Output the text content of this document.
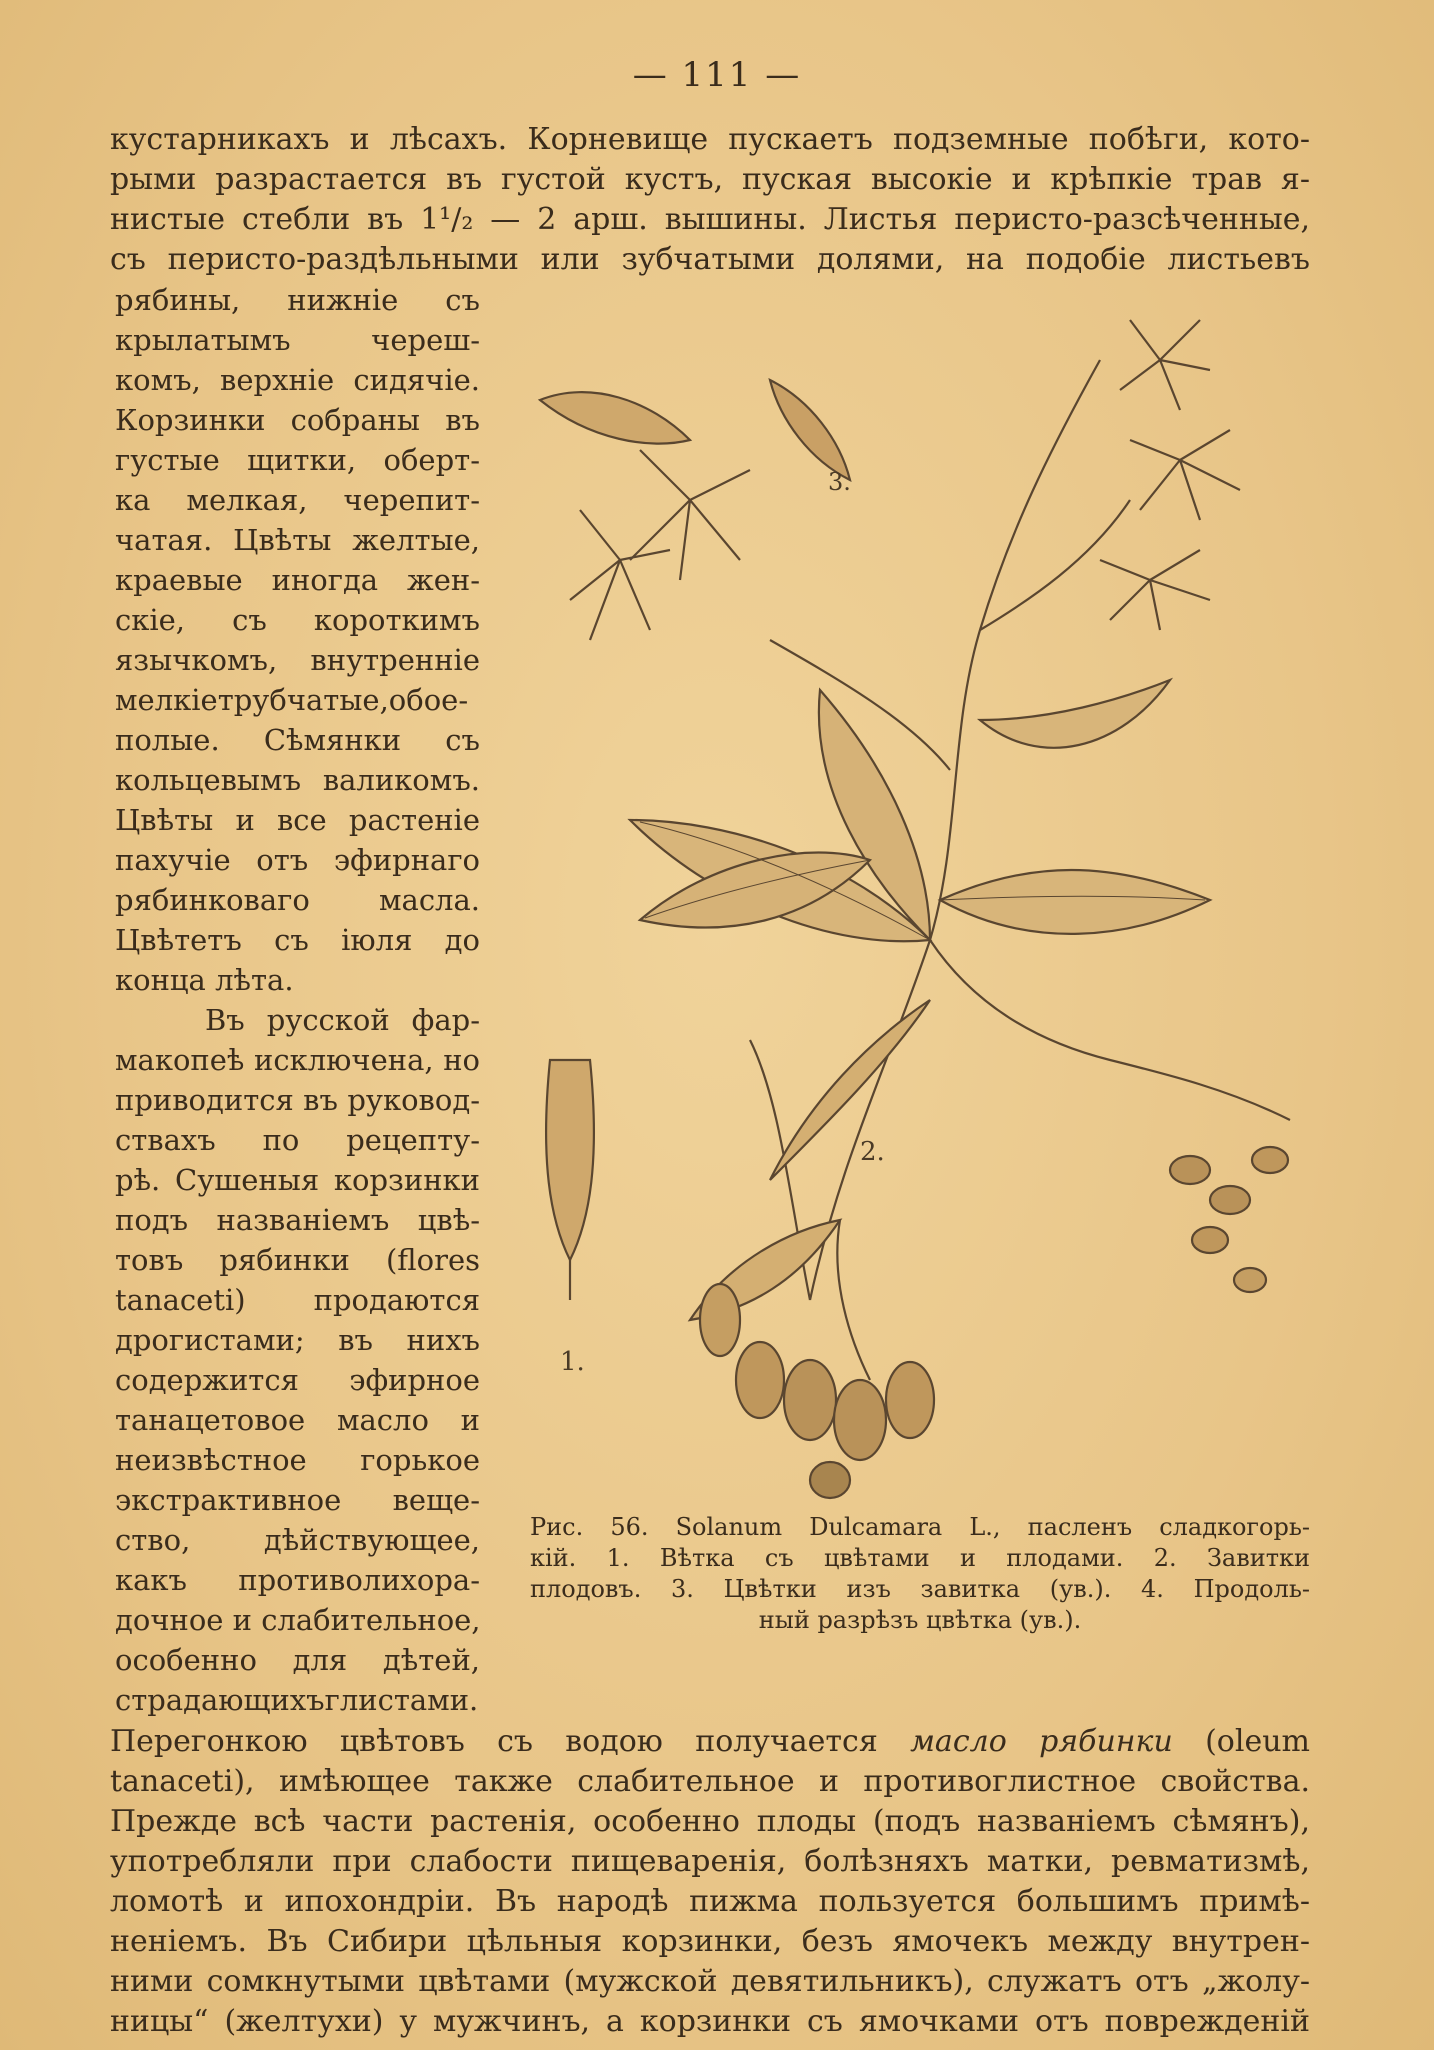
— 111 —
кустарникахъ и лѣсахъ. Корневище пускаетъ подземные побѣги, кото-
рыми разрастается въ густой кустъ, пуская высокіе и крѣпкіе трав я-
нистые стебли въ 1¹/₂ — 2 арш. вышины. Листья перисто-разсѣченные,
съ перисто-раздѣльными или зубчатыми долями, на подобіе листьевъ
рябины, нижніе съ
крылатымъ череш-
комъ, верхніе сидячіе.
Корзинки собраны въ
густые щитки, оберт-
ка мелкая, черепит-
чатая. Цвѣты желтые,
краевые иногда жен-
скіе, съ короткимъ
язычкомъ, внутренніе
мелкіетрубчатые,обое-
полые. Сѣмянки съ
кольцевымъ валикомъ.
Цвѣты и все растеніе
пахучіе отъ эфирнаго
рябинковаго масла.
Цвѣтетъ съ іюля до
конца лѣта.
Въ русской фар-
макопеѣ исключена, но
приводится въ руковод-
ствахъ по рецепту-
рѣ. Сушеныя корзинки
подъ названіемъ цвѣ-
товъ рябинки (flores
tanaceti) продаются
дрогистами; въ нихъ
содержится эфирное
танацетовое масло и
неизвѣстное горькое
экстрактивное веще-
ство, дѣйствующее,
какъ противолихора-
дочное и слабительное,
особенно для дѣтей,
страдающихъглистами.
3.
2.
1.
Рис. 56. Solanum Dulcamara L., пасленъ сладкогорь-
кій. 1. Вѣтка съ цвѣтами и плодами. 2. Завитки
плодовъ. 3. Цвѣтки изъ завитка (ув.). 4. Продоль-
ный разрѣзъ цвѣтка (ув.).
Перегонкою цвѣтовъ съ водою получается масло рябинки (oleum
tanaceti), имѣющее также слабительное и противоглистное свойства.
Прежде всѣ части растенія, особенно плоды (подъ названіемъ сѣмянъ),
употребляли при слабости пищеваренія, болѣзняхъ матки, ревматизмѣ,
ломотѣ и ипохондріи. Въ народѣ пижма пользуется большимъ примѣ-
неніемъ. Въ Сибири цѣльныя корзинки, безъ ямочекъ между внутрен-
ними сомкнутыми цвѣтами (мужской девятильникъ), служатъ отъ „жолу-
ницы“ (желтухи) у мужчинъ, а корзинки съ ямочками отъ поврежденій
